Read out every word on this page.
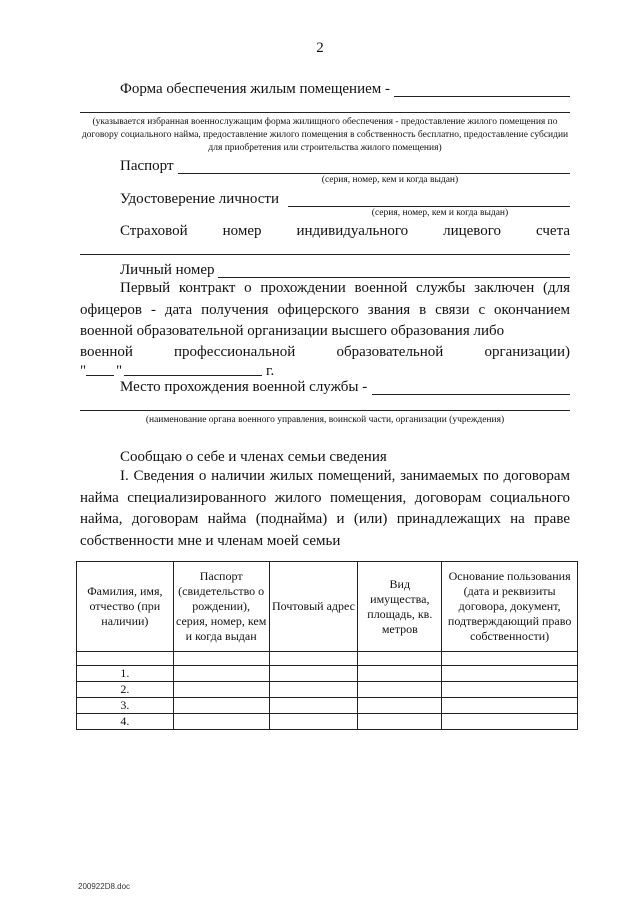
2
Форма обеспечения жилым помещением -
(указывается избранная военнослужащим форма жилищного обеспечения - предоставление жилого помещения по договору социального найма, предоставление жилого помещения в собственность бесплатно, предоставление субсидии для приобретения или строительства жилого помещения)
Паспорт
(серия, номер, кем и когда выдан)
Удостоверение личности
(серия, номер, кем и когда выдан)
Страховой номер индивидуального лицевого счета
Личный номер
Первый контракт о прохождении военной службы заключен (для офицеров - дата получения офицерского звания в связи с окончанием военной образовательной организации высшего образования либо
военной	профессиональной	образовательной	организации)
" "	г.
Место прохождения военной службы -
(наименование органа военного управления, воинской части, организации (учреждения)
Сообщаю о себе и членах семьи сведения
I. Сведения о наличии жилых помещений, занимаемых по договорам найма специализированного жилого помещения, договорам социального найма, договорам найма (поднайма) и (или) принадлежащих на праве собственности мне и членам моей семьи
Фамилия, имя, отчество (при наличии)	Паспорт (свидетельство о рождении), серия, номер, кем и когда выдан	Почтовый адрес	Вид имущества, площадь, кв. метров	Основание пользования (дата и реквизиты договора, документ, подтверждающий право собственности)

1.				
2.				
3.				
4.				
200922D8.doc
